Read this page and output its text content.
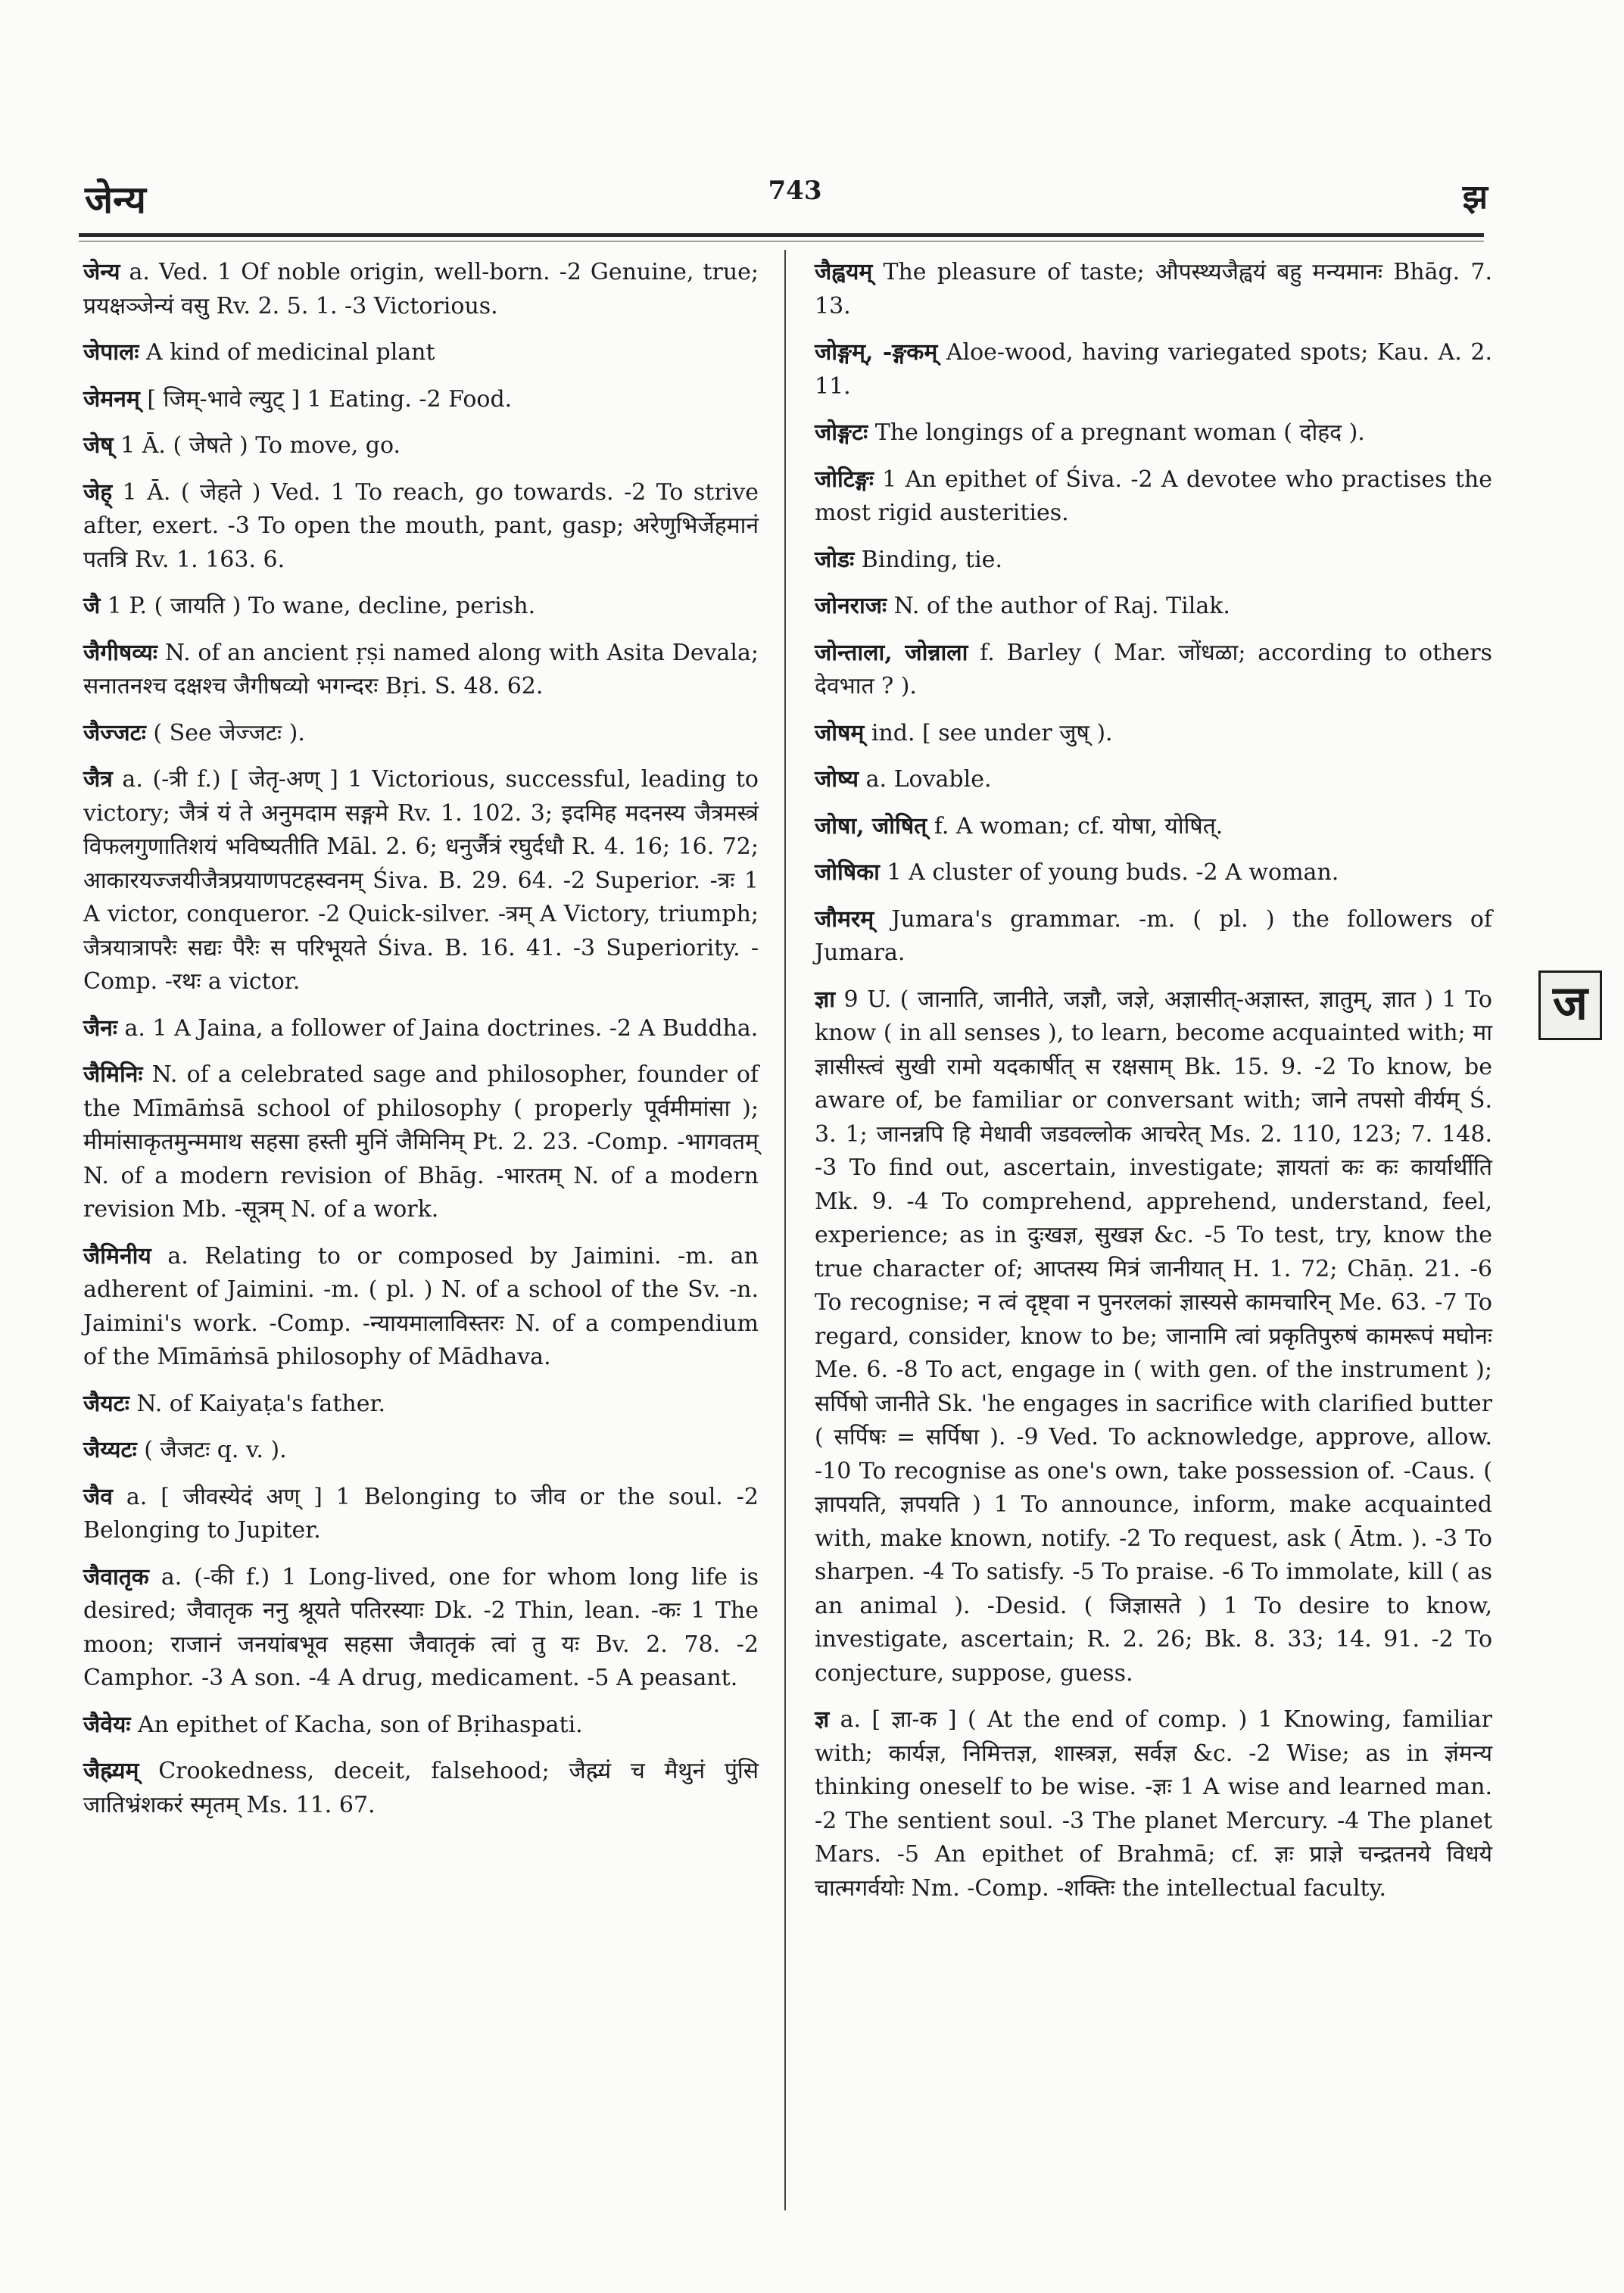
जेन्य	743	झ

जेन्य a. Ved. 1 Of noble origin, well-born. -2 Genuine, true; प्रयक्षञ्जेन्यं वसु Rv. 2. 5. 1. -3 Victorious.

जेपालः A kind of medicinal plant

जेमनम् [ जिम्-भावे ल्युट् ] 1 Eating. -2 Food.

जेष् 1 Ā. ( जेषते ) To move, go.

जेह् 1 Ā. ( जेहते ) Ved. 1 To reach, go towards. -2 To strive after, exert. -3 To open the mouth, pant, gasp; अरेणुभिर्जेहमानं पतत्रि Rv. 1. 163. 6.

जै 1 P. ( जायति ) To wane, decline, perish.

जैगीषव्यः N. of an ancient ṛṣi named along with Asita Devala; सनातनश्च दक्षश्च जैगीषव्यो भगन्दरः Bṛi. S. 48. 62.

जैज्जटः ( See जेज्जटः ).

जैत्र a. (-त्री f.) [ जेतृ-अण् ] 1 Victorious, successful, leading to victory; जैत्रं यं ते अनुमदाम सङ्गमे Rv. 1. 102. 3; इदमिह मदनस्य जैत्रमस्त्रं विफलगुणातिशयं भविष्यतीति Māl. 2. 6; धनुर्जैत्रं रघुर्दधौ R. 4. 16; 16. 72; आकारयज्जयीजैत्रप्रयाणपटहस्वनम् Śiva. B. 29. 64. -2 Superior. -त्रः 1 A victor, conqueror. -2 Quick-silver. -त्रम् A Victory, triumph; जैत्रयात्रापरैः सद्यः पैरैः स परिभूयते Śiva. B. 16. 41. -3 Superiority. -Comp. -रथः a victor.

जैनः a. 1 A Jaina, a follower of Jaina doctrines. -2 A Buddha.

जैमिनिः N. of a celebrated sage and philosopher, founder of the Mīmāṁsā school of philosophy ( properly पूर्वमीमांसा ); मीमांसाकृतमुन्ममाथ सहसा हस्ती मुनिं जैमिनिम् Pt. 2. 23. -Comp. -भागवतम् N. of a modern revision of Bhāg. -भारतम् N. of a modern revision Mb. -सूत्रम् N. of a work.

जैमिनीय a. Relating to or composed by Jaimini. -m. an adherent of Jaimini. -m. ( pl. ) N. of a school of the Sv. -n. Jaimini's work. -Comp. -न्यायमालाविस्तरः N. of a compendium of the Mīmāṁsā philosophy of Mādhava.

जैयटः N. of Kaiyaṭa's father.

जैय्यटः ( जैजटः q. v. ).

जैव a. [ जीवस्येदं अण् ] 1 Belonging to जीव or the soul. -2 Belonging to Jupiter.

जैवातृक a. (-की f.) 1 Long-lived, one for whom long life is desired; जैवातृक ननु श्रूयते पतिरस्याः Dk. -2 Thin, lean. -कः 1 The moon; राजानं जनयांबभूव सहसा जैवातृकं त्वां तु यः Bv. 2. 78. -2 Camphor. -3 A son. -4 A drug, medicament. -5 A peasant.

जैवेयः An epithet of Kacha, son of Bṛihaspati.

जैह्म्यम् Crookedness, deceit, falsehood; जैह्म्यं च मैथुनं पुंसि जातिभ्रंशकरं स्मृतम् Ms. 11. 67.

जैह्वयम् The pleasure of taste; औपस्थ्यजैह्वयं बहु मन्यमानः Bhāg. 7. 13.

जोङ्गम्, -ङ्गकम् Aloe-wood, having variegated spots; Kau. A. 2. 11.

जोङ्गटः The longings of a pregnant woman ( दोहद ).

जोटिङ्गः 1 An epithet of Śiva. -2 A devotee who practises the most rigid austerities.

जोडः Binding, tie.

जोनराजः N. of the author of Raj. Tilak.

जोन्ताला, जोन्नाला f. Barley ( Mar. जोंधळा; according to others देवभात ? ).

जोषम् ind. [ see under जुष् ).

जोष्य a. Lovable.

जोषा, जोषित् f. A woman; cf. योषा, योषित्.

जोषिका 1 A cluster of young buds. -2 A woman.

जौमरम् Jumara's grammar. -m. ( pl. ) the followers of Jumara.

ज्ञा 9 U. ( जानाति, जानीते, जज्ञौ, जज्ञे, अज्ञासीत्-अज्ञास्त, ज्ञातुम्, ज्ञात ) 1 To know ( in all senses ), to learn, become acquainted with; मा ज्ञासीस्त्वं सुखी रामो यदकार्षीत् स रक्षसाम् Bk. 15. 9. -2 To know, be aware of, be familiar or conversant with; जाने तपसो वीर्यम् Ś. 3. 1; जानन्नपि हि मेधावी जडवल्लोक आचरेत् Ms. 2. 110, 123; 7. 148. -3 To find out, ascertain, investigate; ज्ञायतां कः कः कार्यार्थीति Mk. 9. -4 To comprehend, apprehend, understand, feel, experience; as in दुःखज्ञ, सुखज्ञ &c. -5 To test, try, know the true character of; आप्तस्य मित्रं जानीयात् H. 1. 72; Chāṇ. 21. -6 To recognise; न त्वं दृष्ट्वा न पुनरलकां ज्ञास्यसे कामचारिन् Me. 63. -7 To regard, consider, know to be; जानामि त्वां प्रकृतिपुरुषं कामरूपं मघोनः Me. 6. -8 To act, engage in ( with gen. of the instrument ); सर्पिषो जानीते Sk. 'he engages in sacrifice with clarified butter ( सर्पिषः = सर्पिषा ). -9 Ved. To acknowledge, approve, allow. -10 To recognise as one's own, take possession of. -Caus. ( ज्ञापयति, ज्ञपयति ) 1 To announce, inform, make acquainted with, make known, notify. -2 To request, ask ( Ātm. ). -3 To sharpen. -4 To satisfy. -5 To praise. -6 To immolate, kill ( as an animal ). -Desid. ( जिज्ञासते ) 1 To desire to know, investigate, ascertain; R. 2. 26; Bk. 8. 33; 14. 91. -2 To conjecture, suppose, guess.

ज्ञ a. [ ज्ञा-क ] ( At the end of comp. ) 1 Knowing, familiar with; कार्यज्ञ, निमित्तज्ञ, शास्त्रज्ञ, सर्वज्ञ &c. -2 Wise; as in ज्ञंमन्य thinking oneself to be wise. -ज्ञः 1 A wise and learned man. -2 The sentient soul. -3 The planet Mercury. -4 The planet Mars. -5 An epithet of Brahmā; cf. ज्ञः प्राज्ञे चन्द्रतनये विधये चात्मगर्वयोः Nm. -Comp. -शक्तिः the intellectual faculty.

ज
